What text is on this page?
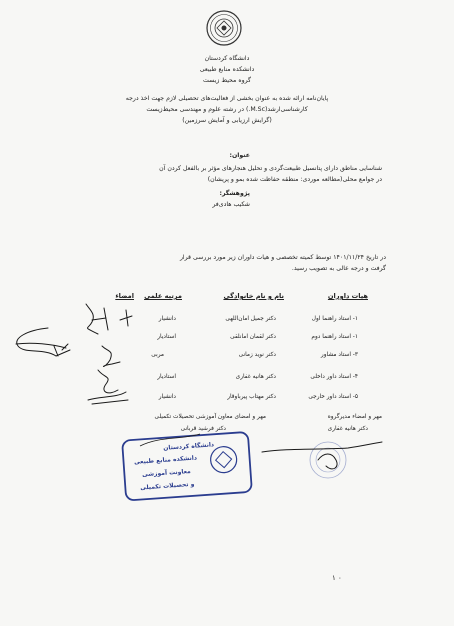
دانشگاه کردستان
دانشکده منابع طبیعی
گروه محیط زیست
پایان‌نامه ارائه شده به عنوان بخشی از فعالیت‌های تحصیلی لازم جهت اخذ درجه
کارشناسی‌ارشد(M.Sc.) در رشته علوم و مهندسی محیط‌زیست
(گرایش ارزیابی و آمایش سرزمین)
عنوان:
شناسایی مناطق دارای پتانسیل طبیعت‌گردی و تحلیل هنجارهای مؤثر بر بالفعل کردن آن
در جوامع محلی(مطالعه موردی: منطقه حفاظت شده بمو و پریشان)
پژوهشگر:
شکیب هادی‌فر
در تاریخ ۱۴۰۱/۱۱/۲۴ توسط کمیته تخصصی و هیات داوران زیر مورد بررسی قرار
گرفت و درجه عالی به تصویب رسید.
هیات داوران
نام و نام خانوادگی
مرتبه علمی
امضاء
۱- استاد راهنما اول
دکتر جمیل امان‌اللهی
دانشیار
۱- استاد راهنما دوم
دکتر لقمان امانلقی
استادیار
۳- استاد مشاور
دکتر نوید زمانی
مربی
۴- استاد داور داخلی
دکتر هانیه غفاری
استادیار
۵- استاد داور خارجی
دکتر مهتاب پیرباوقار
دانشیار
مهر و امضاء مدیرگروه
دکتر هانیه غفاری
مهر و امضای معاون آموزشی تحصیلات تکمیلی
دکتر فرشید قربانی
دانشگاه کردستان
دانشکده منابع طبیعی
معاونت آموزشی
و تحصیلات تکمیلی
۱ ۰
